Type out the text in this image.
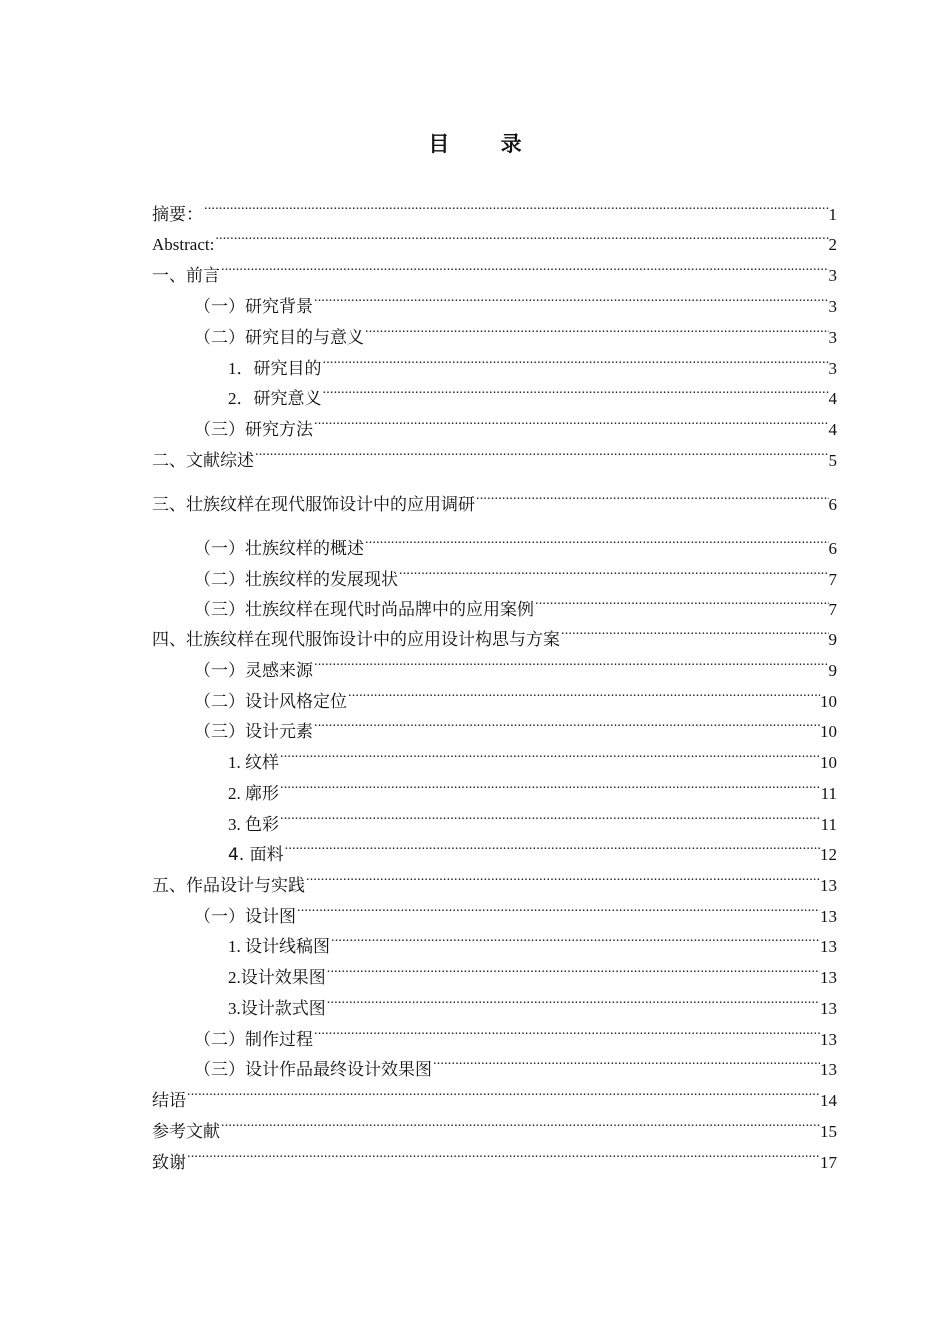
目 录
摘要： .....	1
Abstract: .....	2
一、前言 .....	3
（一）研究背景 .....	3
（二）研究目的与意义 .....	3
1．研究目的 .....	3
2．研究意义 .....	4
（三）研究方法 .....	4
二、文献综述 .....	5
三、壮族纹样在现代服饰设计中的应用调研 .....	6
（一）壮族纹样的概述 .....	6
（二）壮族纹样的发展现状 .....	7
（三）壮族纹样在现代时尚品牌中的应用案例 .....	7
四、壮族纹样在现代服饰设计中的应用设计构思与方案 .....	9
（一）灵感来源 .....	9
（二）设计风格定位 .....	10
（三）设计元素 .....	10
1. 纹样 .....	10
2. 廓形 .....	11
3. 色彩 .....	11
4. 面料 .....	12
五、作品设计与实践 .....	13
（一）设计图 .....	13
1. 设计线稿图 .....	13
2.设计效果图 .....	13
3.设计款式图 .....	13
（二）制作过程 .....	13
（三）设计作品最终设计效果图 .....	13
结语 .....	14
参考文献 .....	15
致谢 .....	17
